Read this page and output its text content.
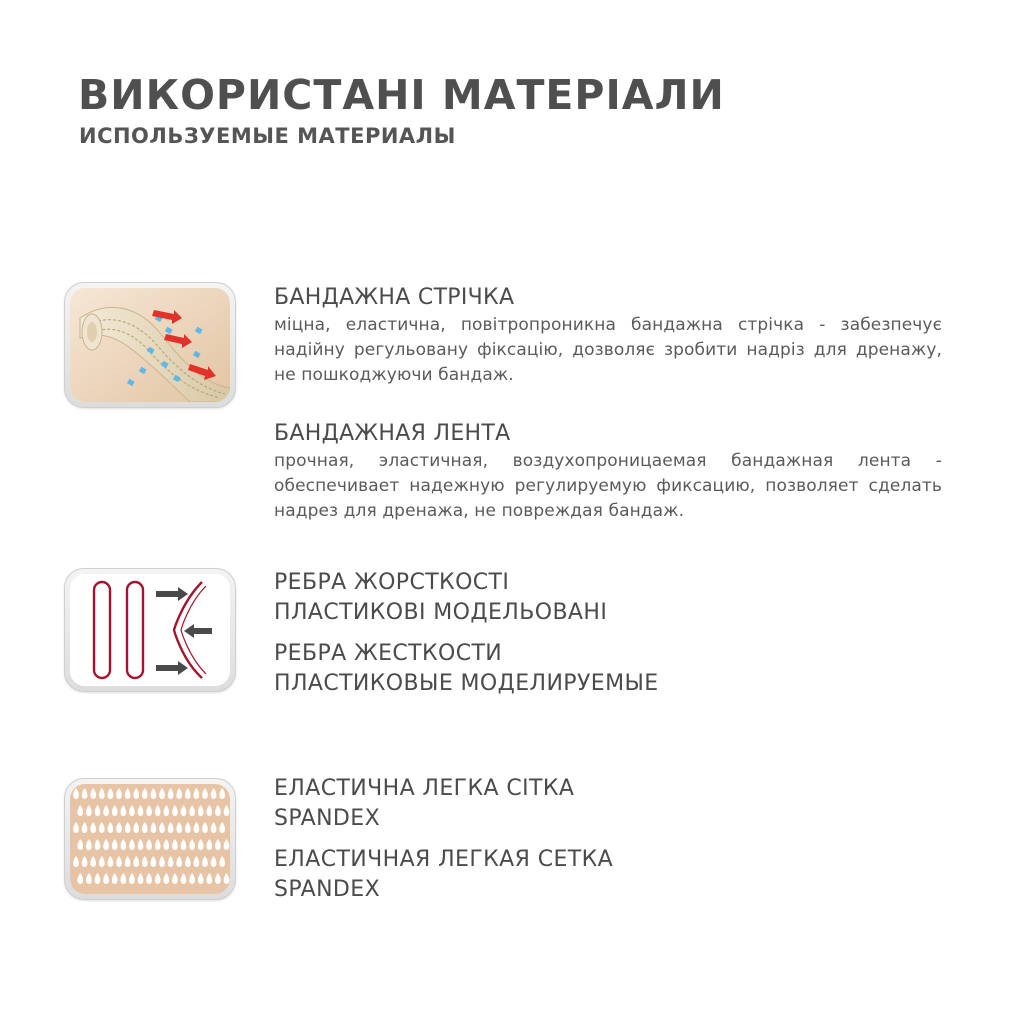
ВИКОРИСТАНІ МАТЕРІАЛИ
ИСПОЛЬЗУЕМЫЕ МАТЕРИАЛЫ

БАНДАЖНА СТРІЧКА

міцна, еластична, повітропроникна бандажна стрічка - забезпечує надійну регульовану фіксацію, дозволяє зробити надріз для дренажу, не пошкоджуючи бандаж.

БАНДАЖНАЯ ЛЕНТА

прочная, эластичная, воздухопроницаемая бандажная лента - обеспечивает надежную регулируемую фиксацию, позволяет сделать надрез для дренажа, не повреждая бандаж.

РЕБРА ЖОРСТКОСТІ

ПЛАСТИКОВІ МОДЕЛЬОВАНІ

РЕБРА ЖЕСТКОСТИ

ПЛАСТИКОВЫЕ МОДЕЛИРУЕМЫЕ

ЕЛАСТИЧНА ЛЕГКА СІТКА

SPANDEX

ЕЛАСТИЧНАЯ ЛЕГКАЯ СЕТКА

SPANDEX
